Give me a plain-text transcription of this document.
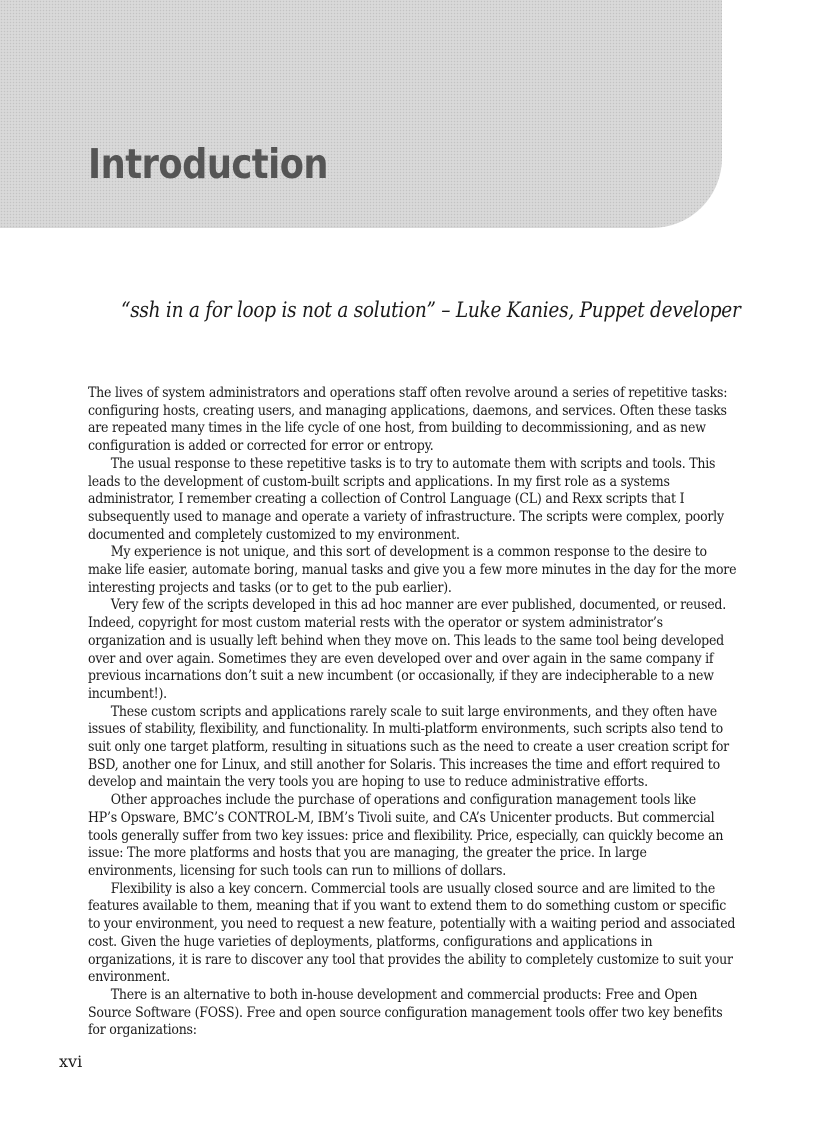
Introduction

“ssh in a for loop is not a solution” – Luke Kanies, Puppet developer

The lives of system administrators and operations staff often revolve around a series of repetitive tasks:
configuring hosts, creating users, and managing applications, daemons, and services. Often these tasks
are repeated many times in the life cycle of one host, from building to decommissioning, and as new
configuration is added or corrected for error or entropy.
The usual response to these repetitive tasks is to try to automate them with scripts and tools. This
leads to the development of custom-built scripts and applications. In my first role as a systems
administrator, I remember creating a collection of Control Language (CL) and Rexx scripts that I
subsequently used to manage and operate a variety of infrastructure. The scripts were complex, poorly
documented and completely customized to my environment.
My experience is not unique, and this sort of development is a common response to the desire to
make life easier, automate boring, manual tasks and give you a few more minutes in the day for the more
interesting projects and tasks (or to get to the pub earlier).
Very few of the scripts developed in this ad hoc manner are ever published, documented, or reused.
Indeed, copyright for most custom material rests with the operator or system administrator’s
organization and is usually left behind when they move on. This leads to the same tool being developed
over and over again. Sometimes they are even developed over and over again in the same company if
previous incarnations don’t suit a new incumbent (or occasionally, if they are indecipherable to a new
incumbent!).
These custom scripts and applications rarely scale to suit large environments, and they often have
issues of stability, flexibility, and functionality. In multi-platform environments, such scripts also tend to
suit only one target platform, resulting in situations such as the need to create a user creation script for
BSD, another one for Linux, and still another for Solaris. This increases the time and effort required to
develop and maintain the very tools you are hoping to use to reduce administrative efforts.
Other approaches include the purchase of operations and configuration management tools like
HP’s Opsware, BMC’s CONTROL-M, IBM’s Tivoli suite, and CA’s Unicenter products. But commercial
tools generally suffer from two key issues: price and flexibility. Price, especially, can quickly become an
issue: The more platforms and hosts that you are managing, the greater the price. In large
environments, licensing for such tools can run to millions of dollars.
Flexibility is also a key concern. Commercial tools are usually closed source and are limited to the
features available to them, meaning that if you want to extend them to do something custom or specific
to your environment, you need to request a new feature, potentially with a waiting period and associated
cost. Given the huge varieties of deployments, platforms, configurations and applications in
organizations, it is rare to discover any tool that provides the ability to completely customize to suit your
environment.
There is an alternative to both in-house development and commercial products: Free and Open
Source Software (FOSS). Free and open source configuration management tools offer two key benefits
for organizations:

xvi
